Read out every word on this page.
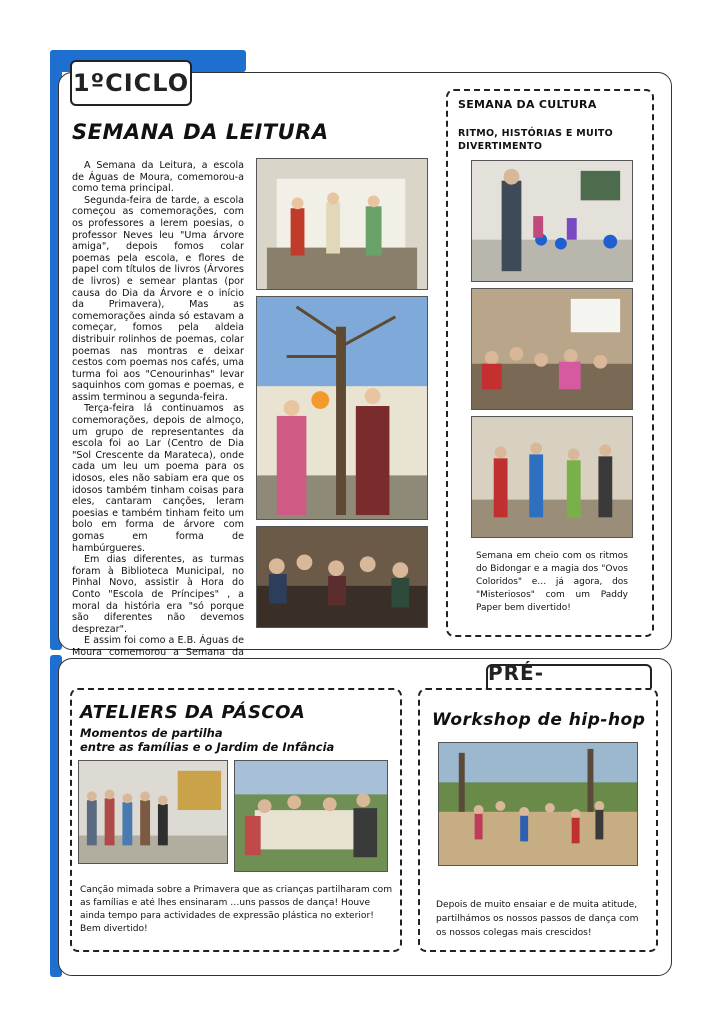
1ºCICLO
SEMANA DA LEITURA

A Semana da Leitura, a escola de Águas de Moura, comemorou-a como tema principal.

Segunda-feira de tarde, a escola começou as comemorações, com os professores a lerem poesias, o professor Neves leu "Uma árvore amiga", depois fomos colar poemas pela escola, e flores de papel com títulos de livros (Árvores de livros) e semear plantas (por causa do Dia da Árvore e o início da Primavera), Mas as comemorações ainda só estavam a começar, fomos pela aldeia distribuir rolinhos de poemas, colar poemas nas montras e deixar cestos com poemas nos cafés, uma turma foi aos "Cenourinhas" levar saquinhos com gomas e poemas, e assim terminou a segunda-feira.

Terça-feira lá continuamos as comemorações, depois de almoço, um grupo de representantes da escola foi ao Lar (Centro de Dia "Sol Crescente da Marateca), onde cada um leu um poema para os idosos, eles não sabiam era que os idosos também tinham coisas para eles, cantaram canções, leram poesias e também tinham feito um bolo em forma de árvore com gomas em forma de hambúrgueres.

Em dias diferentes, as turmas foram à Biblioteca Municipal, no Pinhal Novo, assistir à Hora do Conto "Escola de Príncipes" , a moral da história era "só porque são diferentes não devemos desprezar".

E assim foi como a E.B. Águas de Moura comemorou a Semana da

SEMANA DA CULTURA
RITMO, HISTÓRIAS E MUITO
DIVERTIMENTO
Semana em cheio com os ritmos do Bidongar e a magia dos "Ovos Coloridos" e… já agora, dos "Misteriosos" com um Paddy Paper bem divertido!
PRÉ-
ATELIERS DA PÁSCOA
Momentos de partilha
entre as famílias e o Jardim de Infância
Canção mimada sobre a Primavera que as crianças partilharam com as famílias e até lhes ensinaram …uns passos de dança! Houve ainda tempo para actividades de expressão plástica no exterior! Bem divertido!
Workshop de hip-hop
Depois de muito ensaiar e de muita atitude, partilhámos os nossos passos de dança com os nossos colegas mais crescidos!
